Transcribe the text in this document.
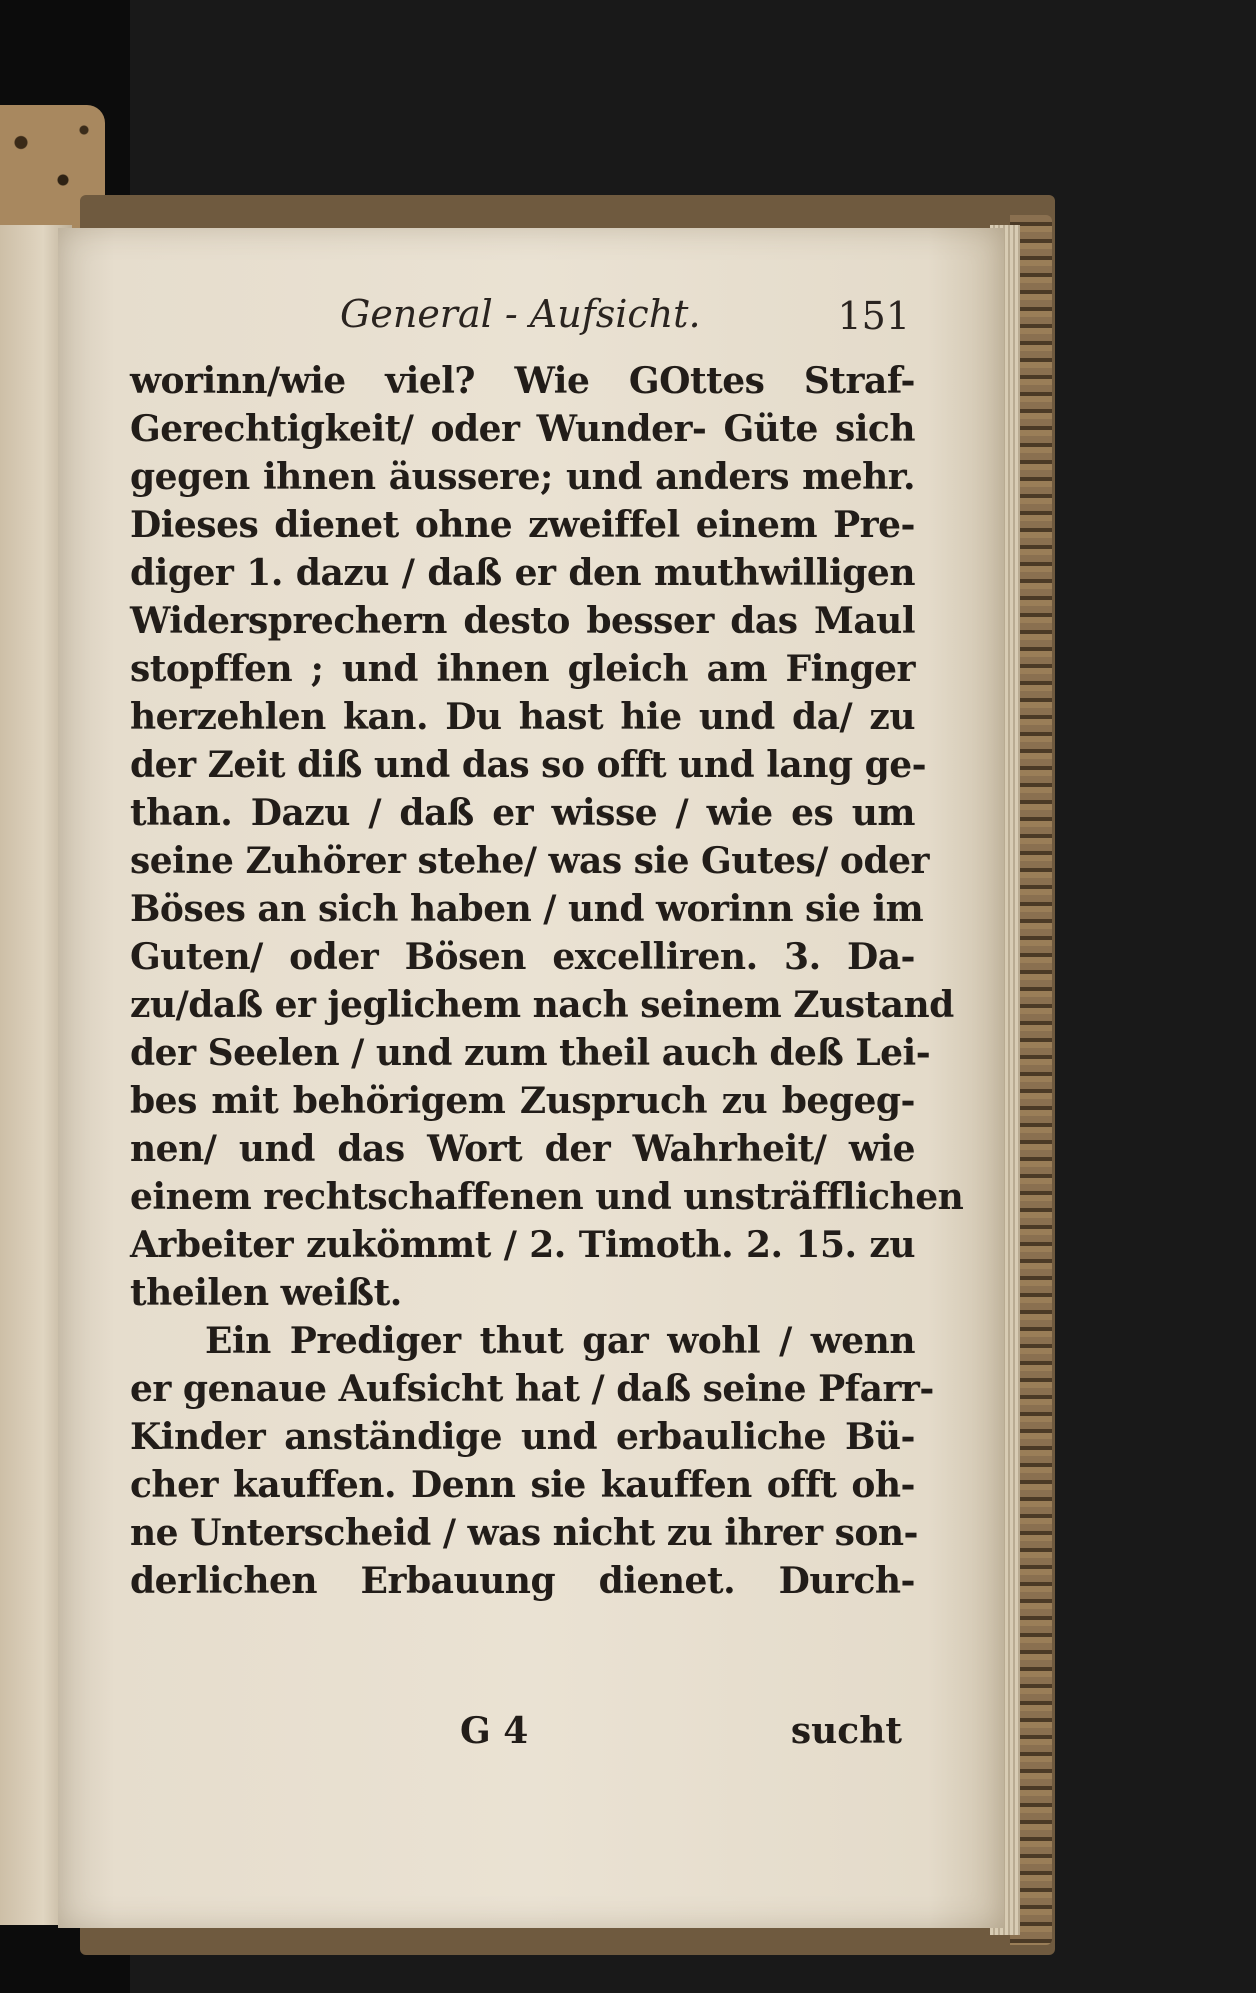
General - Aufsicht.	151
worinn/wie viel? Wie GOttes Straf-
Gerechtigkeit/ oder Wunder- Güte sich
gegen ihnen äussere; und anders mehr.
Dieses dienet ohne zweiffel einem Pre-
diger 1. dazu / daß er den muthwilligen
Widersprechern desto besser das Maul
stopffen ; und ihnen gleich am Finger
herzehlen kan. Du hast hie und da/ zu
der Zeit diß und das so offt und lang ge-
than. Dazu / daß er wisse / wie es um
seine Zuhörer stehe/ was sie Gutes/ oder
Böses an sich haben / und worinn sie im
Guten/ oder Bösen excelliren. 3. Da-
zu/daß er jeglichem nach seinem Zustand
der Seelen / und zum theil auch deß Lei-
bes mit behörigem Zuspruch zu begeg-
nen/ und das Wort der Wahrheit/ wie
einem rechtschaffenen und unsträfflichen
Arbeiter zukömmt / 2. Timoth. 2. 15. zu
theilen weißt.
Ein Prediger thut gar wohl / wenn
er genaue Aufsicht hat / daß seine Pfarr-
Kinder anständige und erbauliche Bü-
cher kauffen. Denn sie kauffen offt oh-
ne Unterscheid / was nicht zu ihrer son-
derlichen Erbauung dienet. Durch-
G 4	sucht
